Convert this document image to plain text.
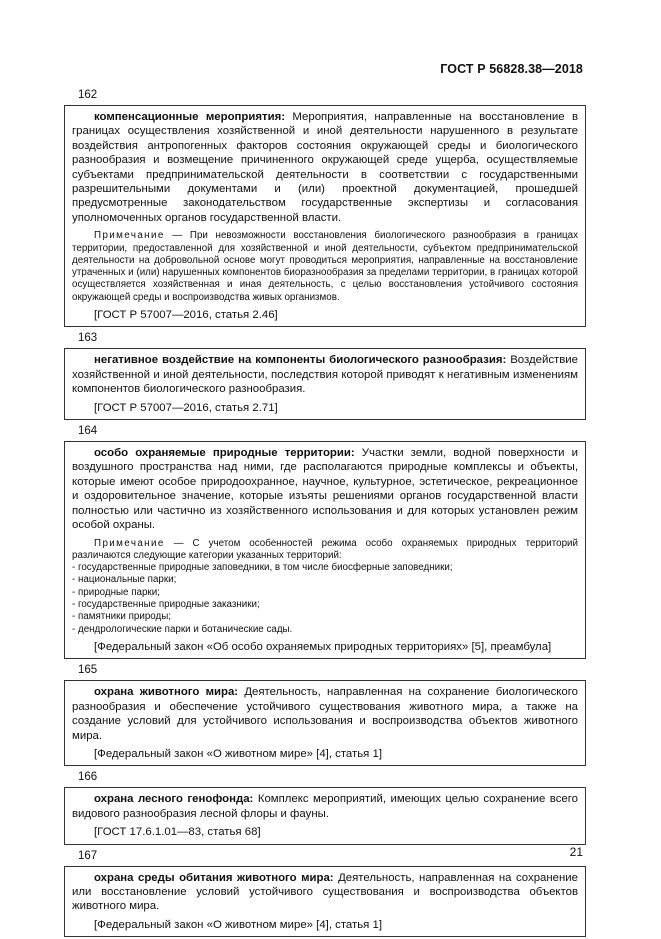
ГОСТ Р 56828.38—2018
162

компенсационные мероприятия: Мероприятия, направленные на восстановление в границах осуществления хозяйственной и иной деятельности нарушенного в результате воздействия антропогенных факторов состояния окружающей среды и биологического разнообразия и возмещение причиненного окружающей среде ущерба, осуществляемые субъектами предпринимательской деятельности в соответствии с государственными разрешительными документами и (или) проектной документацией, прошедшей предусмотренные законодательством государственные экспертизы и согласования уполномоченных органов государственной власти.

Примечание — При невозможности восстановления биологического разнообразия в границах территории, предоставленной для хозяйственной и иной деятельности, субъектом предпринимательской деятельности на добровольной основе могут проводиться мероприятия, направленные на восстановление утраченных и (или) нарушенных компонентов биоразнообразия за пределами территории, в границах которой осуществляется хозяйственная и иная деятельность, с целью восстановления устойчивого состояния окружающей среды и воспроизводства живых организмов.

[ГОСТ Р 57007—2016, статья 2.46]

163

негативное воздействие на компоненты биологического разнообразия: Воздействие хозяйственной и иной деятельности, последствия которой приводят к негативным изменениям компонентов биологического разнообразия.

[ГОСТ Р 57007—2016, статья 2.71]

164

особо охраняемые природные территории: Участки земли, водной поверхности и воздушного пространства над ними, где располагаются природные комплексы и объекты, которые имеют особое природоохранное, научное, культурное, эстетическое, рекреационное и оздоровительное значение, которые изъяты решениями органов государственной власти полностью или частично из хозяйственного использования и для которых установлен режим особой охраны.

Примечание — С учетом особенностей режима особо охраняемых природных территорий различаются следующие категории указанных территорий:

- государственные природные заповедники, в том числе биосферные заповедники;
- национальные парки;
- природные парки;
- государственные природные заказники;
- памятники природы;
- дендрологические парки и ботанические сады.

[Федеральный закон «Об особо охраняемых природных территориях» [5], преамбула]

165

охрана животного мира: Деятельность, направленная на сохранение биологического разнообразия и обеспечение устойчивого существования животного мира, а также на создание условий для устойчивого использования и воспроизводства объектов животного мира.

[Федеральный закон «О животном мире» [4], статья 1]

166

охрана лесного генофонда: Комплекс мероприятий, имеющих целью сохранение всего видового разнообразия лесной флоры и фауны.

[ГОСТ 17.6.1.01—83, статья 68]

167

охрана среды обитания животного мира: Деятельность, направленная на сохранение или восстановление условий устойчивого существования и воспроизводства объектов животного мира.

[Федеральный закон «О животном мире» [4], статья 1]

21
